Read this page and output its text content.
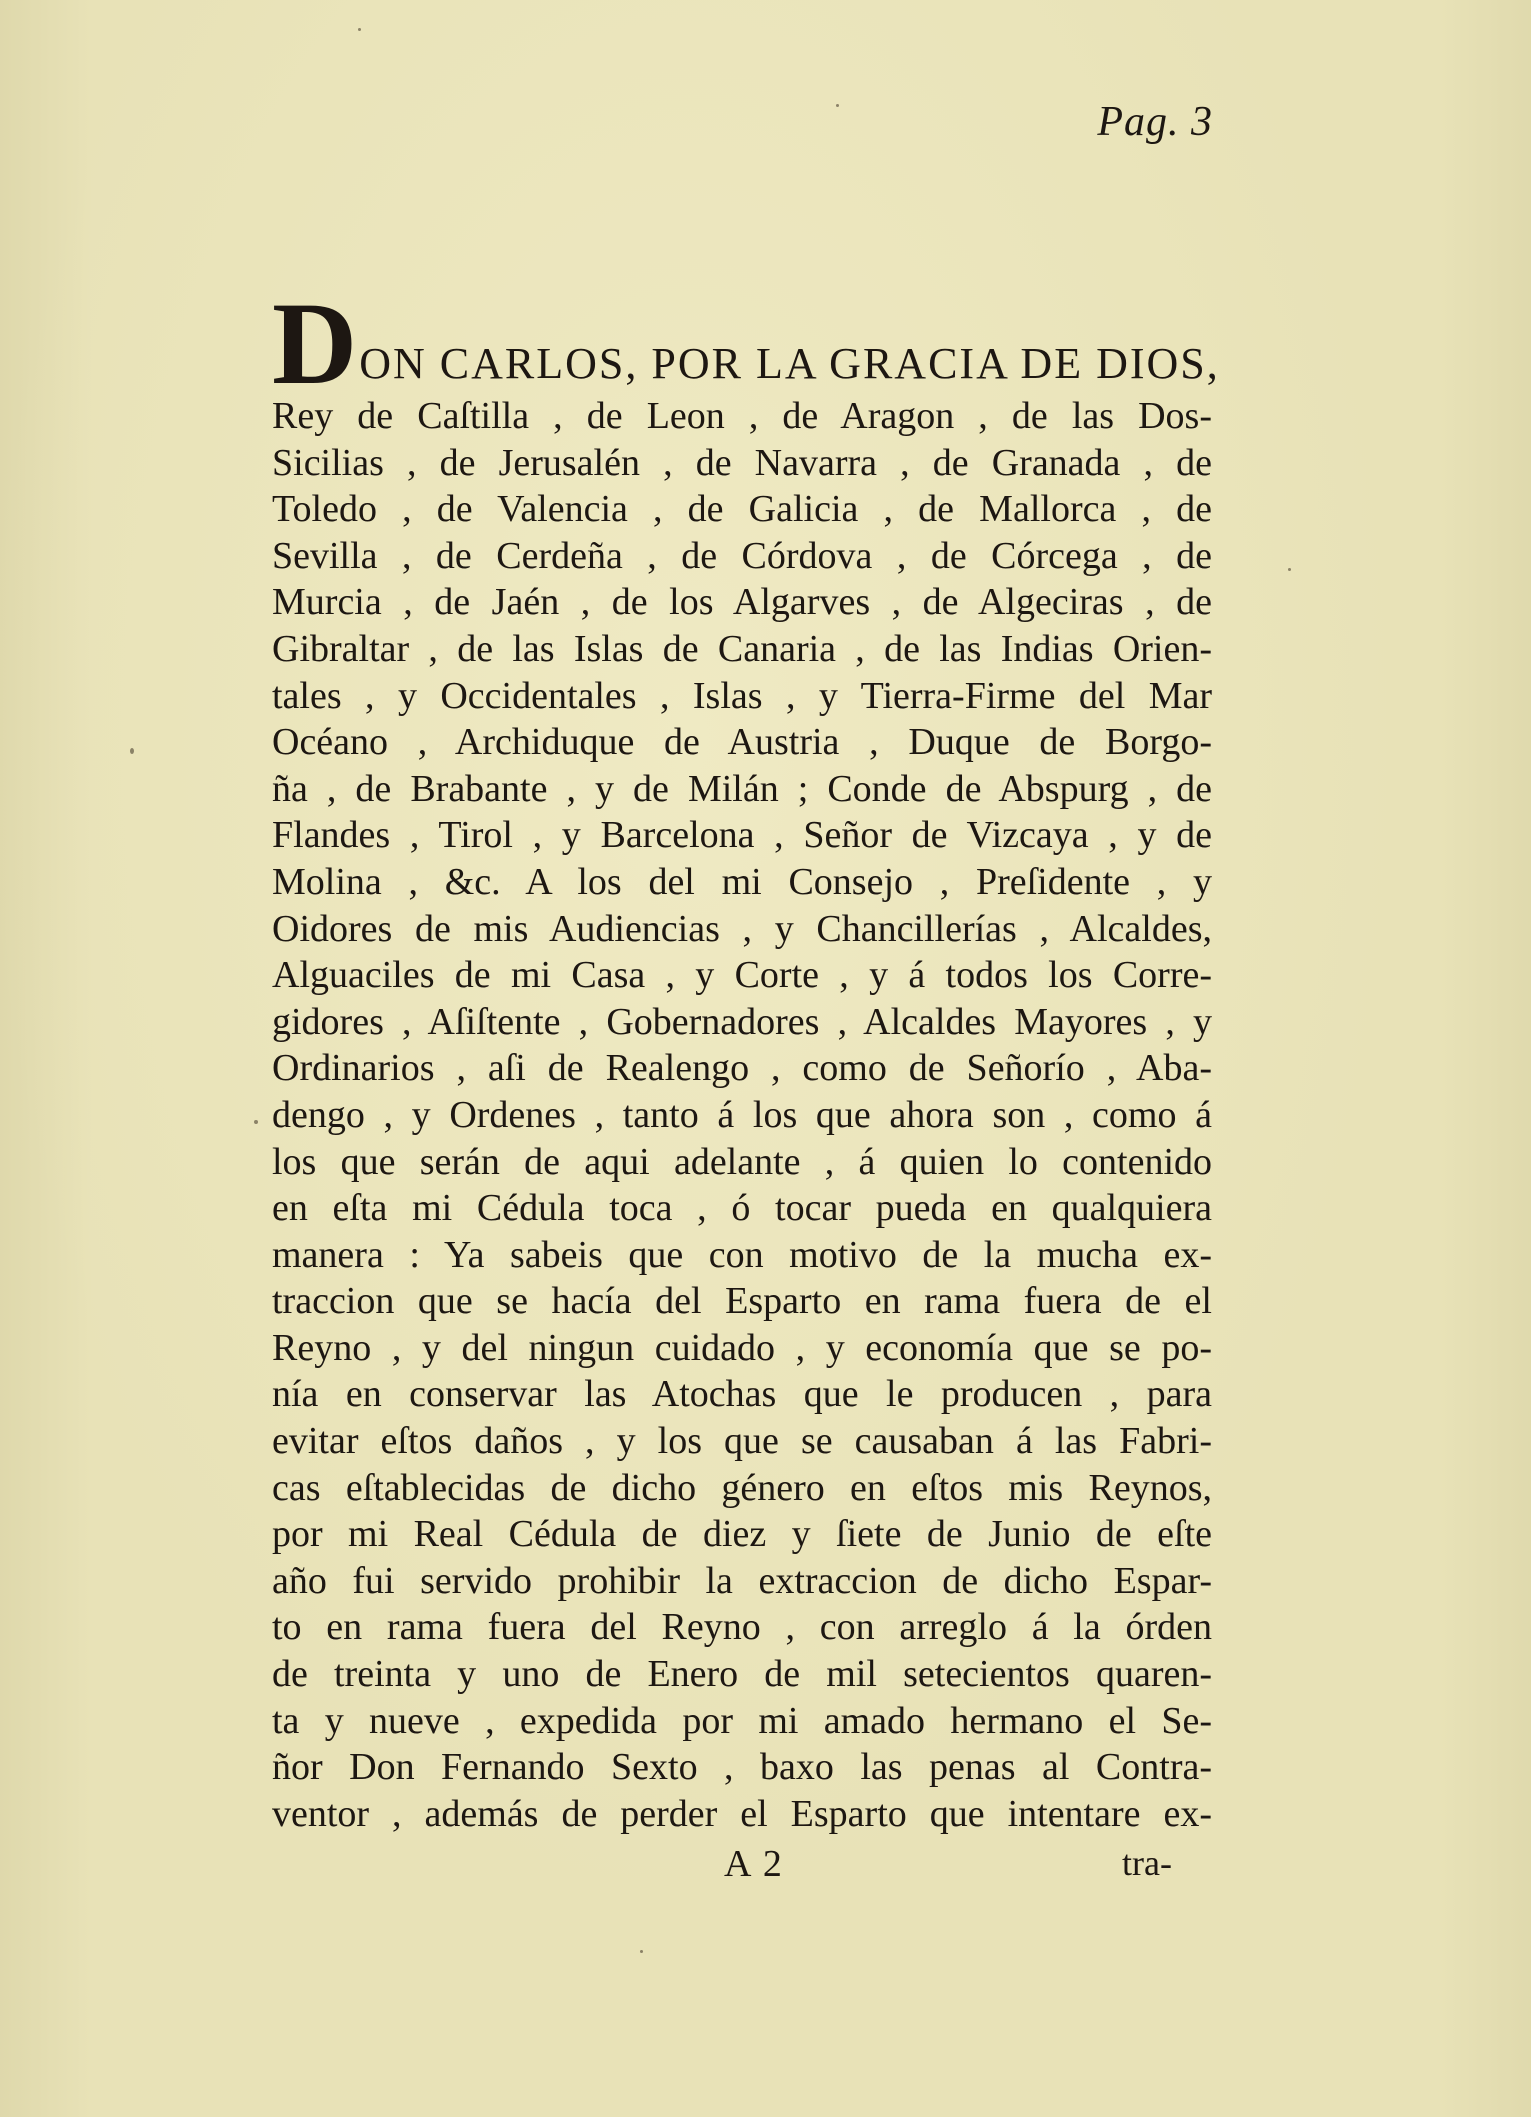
Pag. 3
D ON CARLOS, POR LA GRACIA DE DIOS,
Rey de Caſtilla , de Leon , de Aragon , de las Dos-
Sicilias , de Jerusalén , de Navarra , de Granada , de
Toledo , de Valencia , de Galicia , de Mallorca , de
Sevilla , de Cerdeña , de Córdova , de Córcega , de
Murcia , de Jaén , de los Algarves , de Algeciras , de
Gibraltar , de las Islas de Canaria , de las Indias Orien-
tales , y Occidentales , Islas , y Tierra-Firme del Mar
Océano , Archiduque de Austria , Duque de Borgo-
ña , de Brabante , y de Milán ; Conde de Abspurg , de
Flandes , Tirol , y Barcelona , Señor de Vizcaya , y de
Molina , &c. A los del mi Consejo , Preſidente , y
Oidores de mis Audiencias , y Chancillerías , Alcaldes,
Alguaciles de mi Casa , y Corte , y á todos los Corre-
gidores , Aſiſtente , Gobernadores , Alcaldes Mayores , y
Ordinarios , aſi de Realengo , como de Señorío , Aba-
dengo , y Ordenes , tanto á los que ahora son , como á
los que serán de aqui adelante , á quien lo contenido
en eſta mi Cédula toca , ó tocar pueda en qualquiera
manera : Ya sabeis que con motivo de la mucha ex-
traccion que se hacía del Esparto en rama fuera de el
Reyno , y del ningun cuidado , y economía que se po-
nía en conservar las Atochas que le producen , para
evitar eſtos daños , y los que se causaban á las Fabri-
cas eſtablecidas de dicho género en eſtos mis Reynos,
por mi Real Cédula de diez y ſiete de Junio de eſte
año fui servido prohibir la extraccion de dicho Espar-
to en rama fuera del Reyno , con arreglo á la órden
de treinta y uno de Enero de mil setecientos quaren-
ta y nueve , expedida por mi amado hermano el Se-
ñor Don Fernando Sexto , baxo las penas al Contra-
ventor , además de perder el Esparto que intentare ex-
A 2	tra-
